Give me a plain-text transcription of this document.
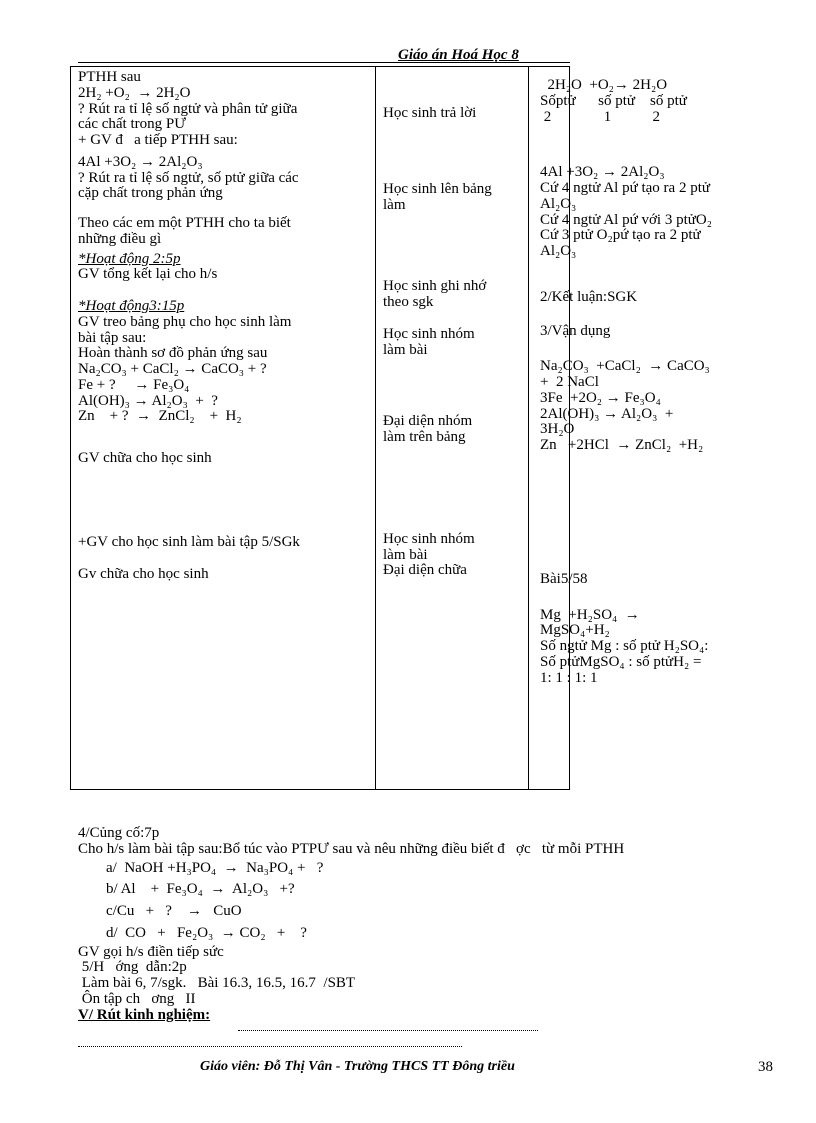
Giáo án Hoá Học 8
PTHH sau
2H₂ +O₂  → 2H₂O
? Rút ra tỉ lệ số ngtử và phân tử giữa
các chất trong PƯ
+ GV đ   a tiếp PTHH sau:
4Al +3O₂ → 2Al₂O₃
? Rút ra tỉ lệ số ngtử, số ptử giữa các
cặp chất trong phản ứng
Theo các em một PTHH cho ta biết
những điều gì
*Hoạt động 2:5p
GV tổng kết lại cho h/s
*Hoạt động3:15p
GV treo bảng phụ cho học sinh làm
bài tập sau:
Hoàn thành sơ đồ phản ứng sau
Na₂CO₃ + CaCl₂ → CaCO₃ + ?
Fe + ?     → Fe₃O₄
Al(OH)₃ → Al₂O₃  +  ?
Zn    + ?  →  ZnCl₂    +  H₂
GV chữa cho học sinh
+GV cho học sinh làm bài tập 5/SGk
Gv chữa cho học sinh
Học sinh trả lời
Học sinh lên bảng
làm
Học sinh ghi nhớ
theo sgk
Học sinh nhóm
làm bài
Đại diện nhóm
làm trên bảng
Học sinh nhóm
làm bài
Đại diện chữa
2H₂O  +O₂→ 2H₂O
Sốptử      số ptử    số ptử
2              1           2
4Al +3O₂ → 2Al₂O₃
Cứ 4 ngtử Al pứ tạo ra 2 ptử
Al₂O₃
Cứ 4 ngtử Al pứ với 3 ptửO₂
Cứ 3 ptử O₂pứ tạo ra 2 ptử
Al₂O₃
2/Kết luận:SGK
3/Vận dụng
Na₂CO₃  +CaCl₂  → CaCO₃
+  2 NaCl
3Fe  +2O₂ → Fe₃O₄
2Al(OH)₃ → Al₂O₃  +
3H₂O
Zn   +2HCl  → ZnCl₂  +H₂
Bài5/58
Mg  +H₂SO₄  →
MgSO₄+H₂
Số ngtử Mg : số ptử H₂SO₄:
Số ptửMgSO₄ : số ptửH₂ =
1: 1 : 1: 1
4/Củng cố:7p
Cho h/s làm bài tập sau:Bổ túc vào PTPƯ sau và nêu những điều biết đ   ợc   từ mỗi PTHH
a/  NaOH +H₃PO₄  →  Na₃PO₄ +   ?
b/ Al    +  Fe₃O₄  →  Al₂O₃   +?
c/Cu   +   ?    →   CuO
d/  CO   +   Fe₂O₃  → CO₂   +    ?
GV gọi h/s điền tiếp sức
5/H   ớng  dẫn:2p
Làm bài 6, 7/sgk.   Bài 16.3, 16.5, 16.7  /SBT
Ôn tập ch   ơng   II
V/ Rút kinh nghiệm:
Giáo viên: Đỗ Thị Vân - Trường THCS TT Đông triều	38
